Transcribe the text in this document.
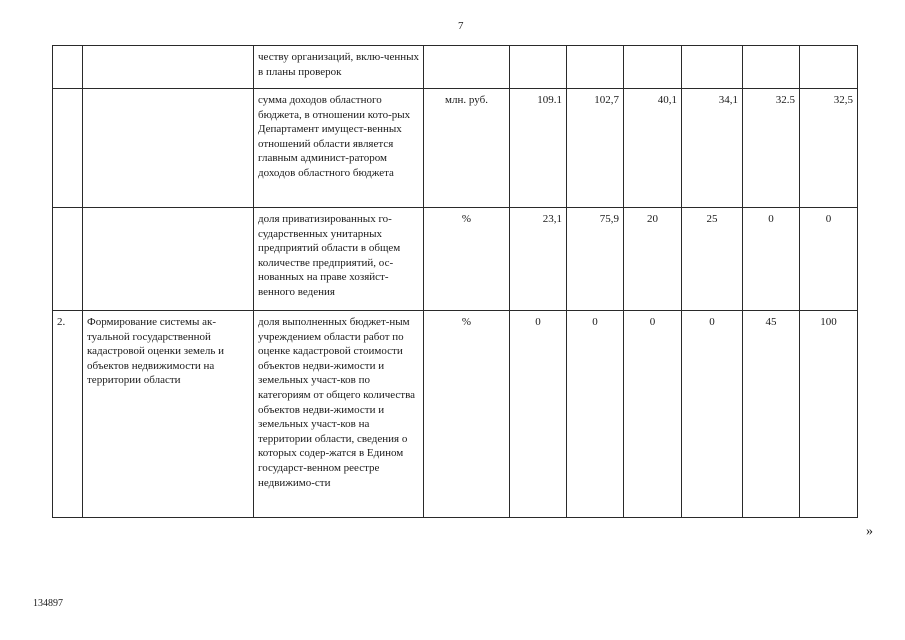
7
		честву организаций, вклю-ченных в планы проверок							
		сумма доходов областного бюджета, в отношении кото-рых Департамент имущест-венных отношений области является главным админист-ратором доходов областного бюджета	млн. руб.	109.1	102,7	40,1	34,1	32.5	32,5
		доля приватизированных го-сударственных унитарных предприятий области в общем количестве предприятий, ос-нованных на праве хозяйст-венного ведения	%	23,1	75,9	20	25	0	0
2.	Формирование системы ак-туальной государственной кадастровой оценки земель и объектов недвижимости на территории области	доля выполненных бюджет-ным учреждением области работ по оценке кадастровой стоимости объектов недви-жимости и земельных участ-ков по категориям от общего количества объектов недви-жимости и земельных участ-ков на территории области, сведения о которых содер-жатся в Едином государст-венном реестре недвижимо-сти	%	0	0	0	0	45	100
»
134897
